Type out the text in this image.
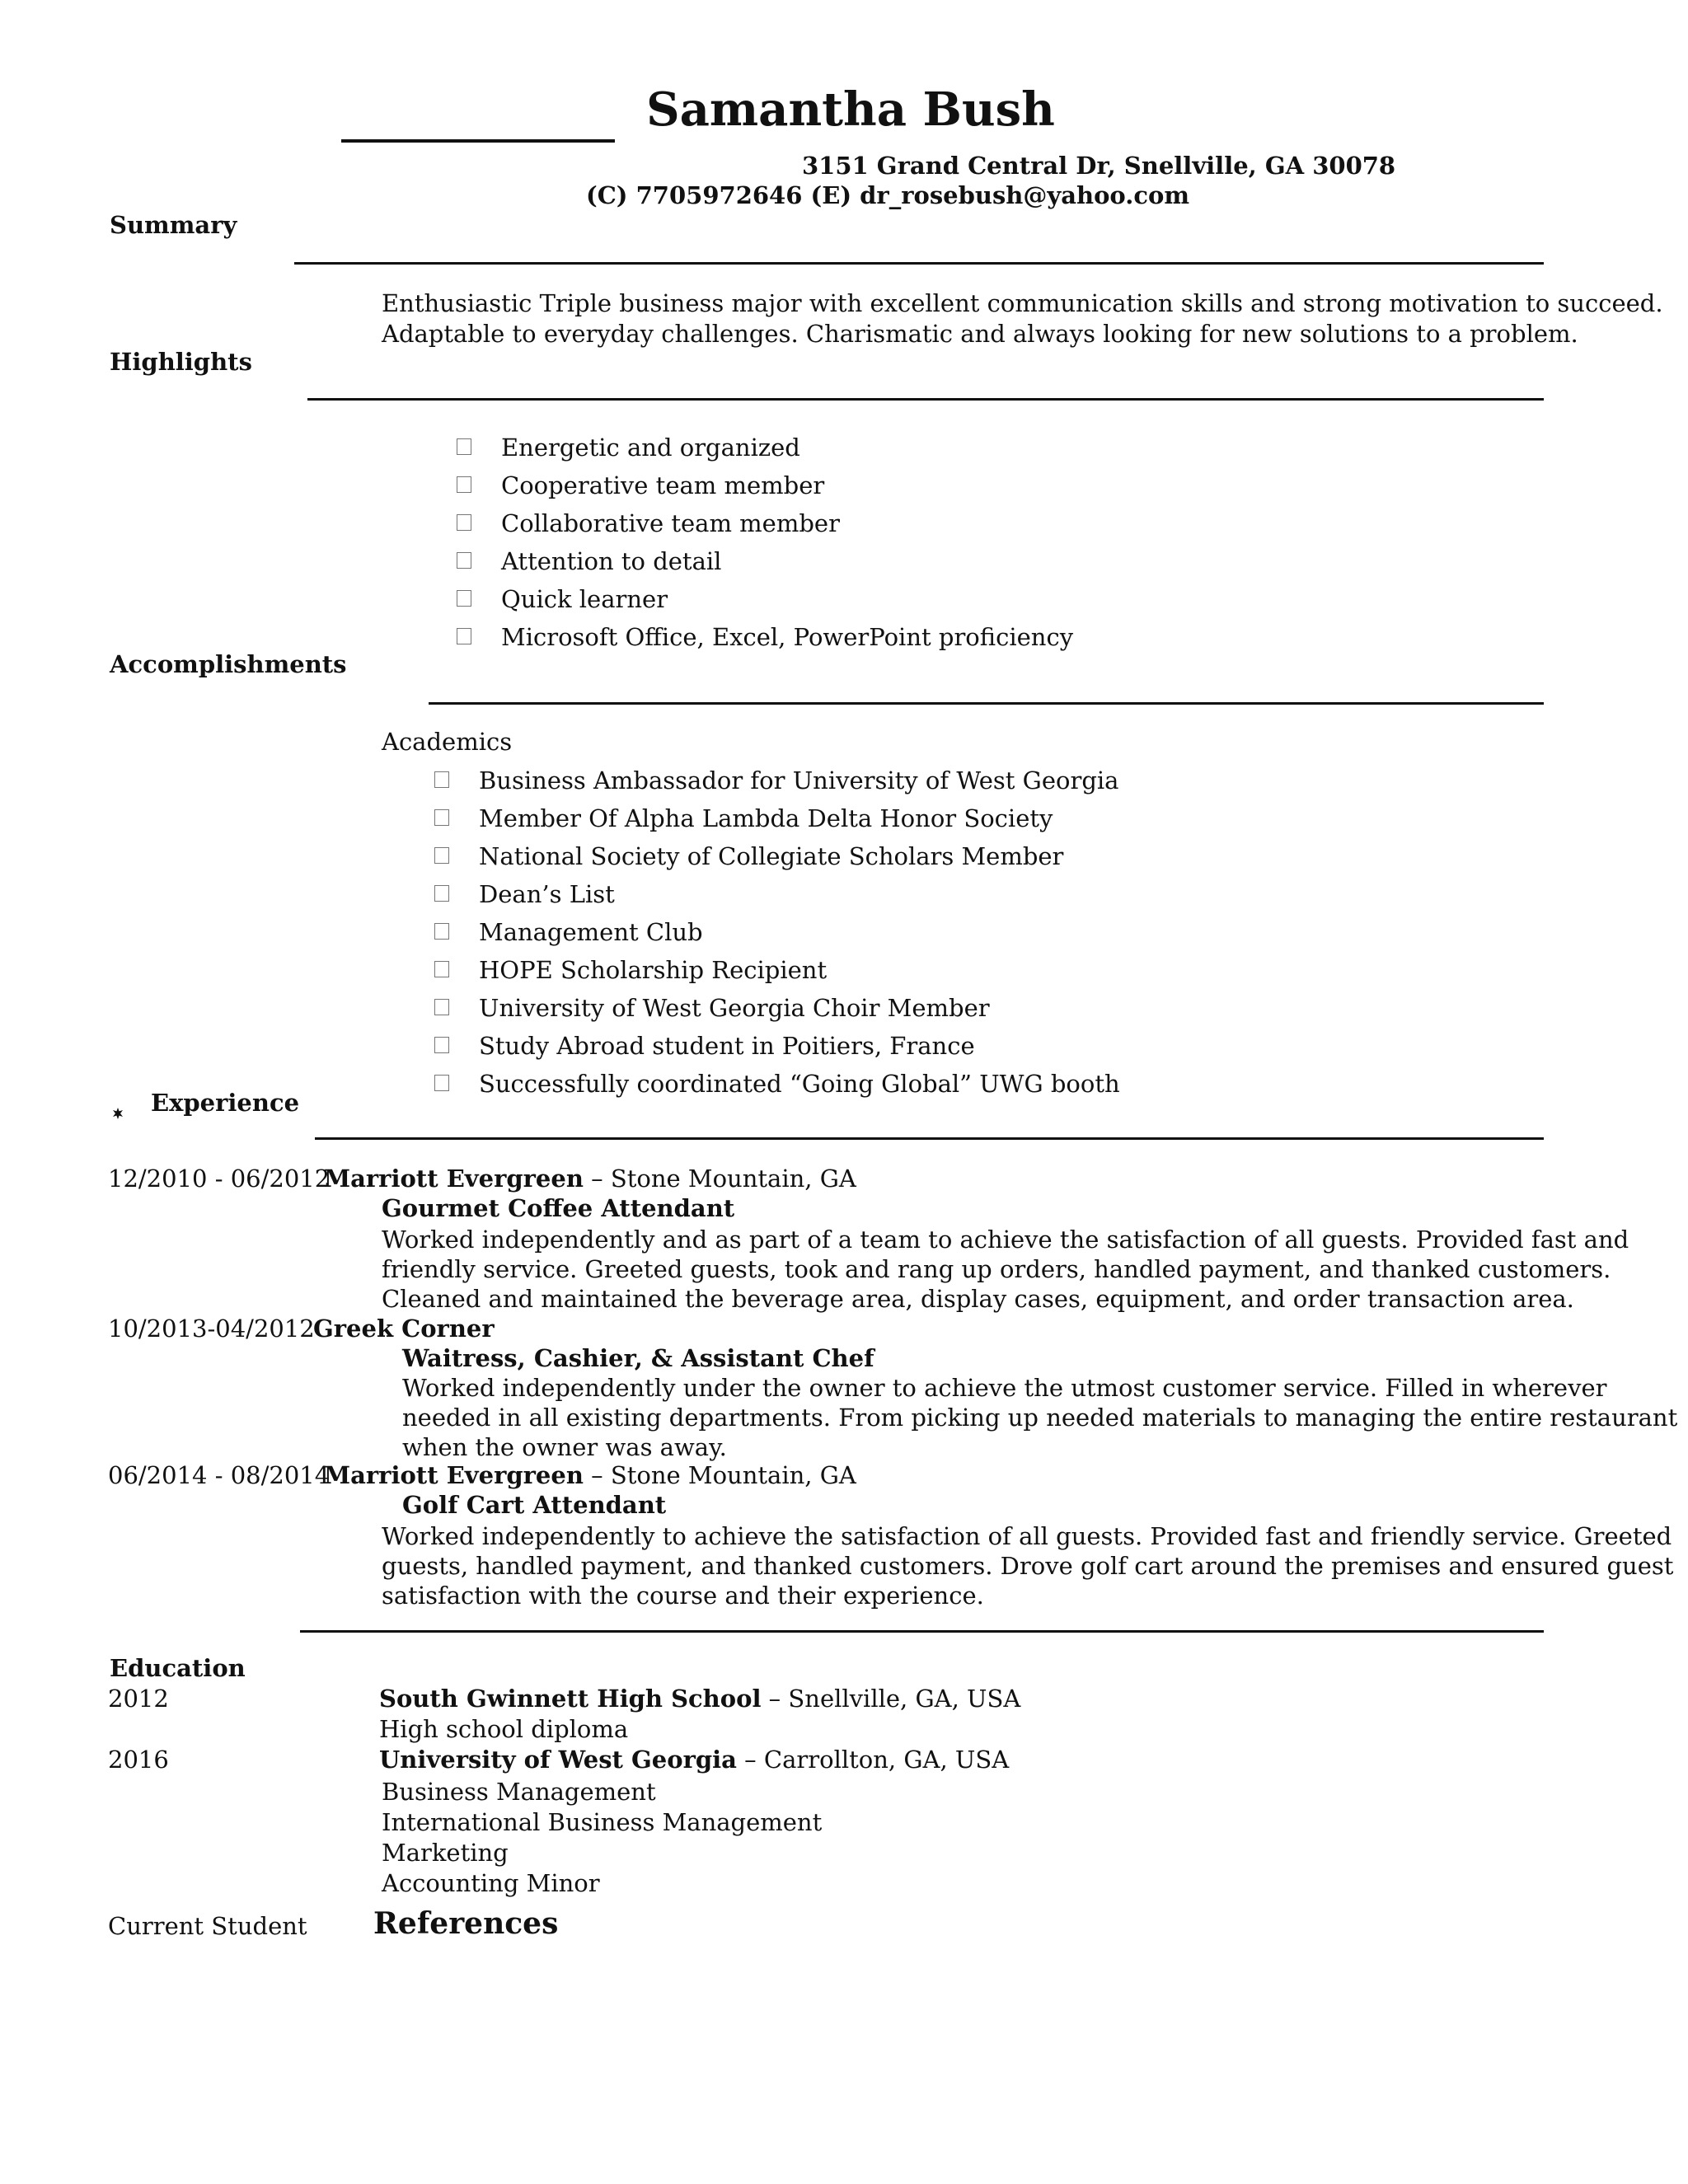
Samantha Bush
3151 Grand Central Dr, Snellville, GA 30078
(C) 7705972646 (E) dr_rosebush@yahoo.com
Summary
Enthusiastic Triple business major with excellent communication skills and strong motivation to succeed.
Adaptable to everyday challenges. Charismatic and always looking for new solutions to a problem.
Highlights
Energetic and organized
Cooperative team member
Collaborative team member
Attention to detail
Quick learner
Microsoft Office, Excel, PowerPoint proficiency
Accomplishments
Academics
Business Ambassador for University of West Georgia
Member Of Alpha Lambda Delta Honor Society
National Society of Collegiate Scholars Member
Dean’s List
Management Club
HOPE Scholarship Recipient
University of West Georgia Choir Member
Study Abroad student in Poitiers, France
Successfully coordinated “Going Global” UWG booth
Experience
12/2010 - 06/2012
Marriott Evergreen – Stone Mountain, GA
Gourmet Coffee Attendant
Worked independently and as part of a team to achieve the satisfaction of all guests. Provided fast and
friendly service. Greeted guests, took and rang up orders, handled payment, and thanked customers.
Cleaned and maintained the beverage area, display cases, equipment, and order transaction area.
10/2013-04/2012
Greek Corner
Waitress, Cashier, & Assistant Chef
Worked independently under the owner to achieve the utmost customer service. Filled in wherever
needed in all existing departments. From picking up needed materials to managing the entire restaurant
when the owner was away.
06/2014 - 08/2014
Marriott Evergreen – Stone Mountain, GA
Golf Cart Attendant
Worked independently to achieve the satisfaction of all guests. Provided fast and friendly service. Greeted
guests, handled payment, and thanked customers. Drove golf cart around the premises and ensured guest
satisfaction with the course and their experience.
Education
2012	South Gwinnett High School – Snellville, GA, USA
High school diploma
2016	University of West Georgia – Carrollton, GA, USA
Business Management
International Business Management
Marketing
Accounting Minor
Current Student References
